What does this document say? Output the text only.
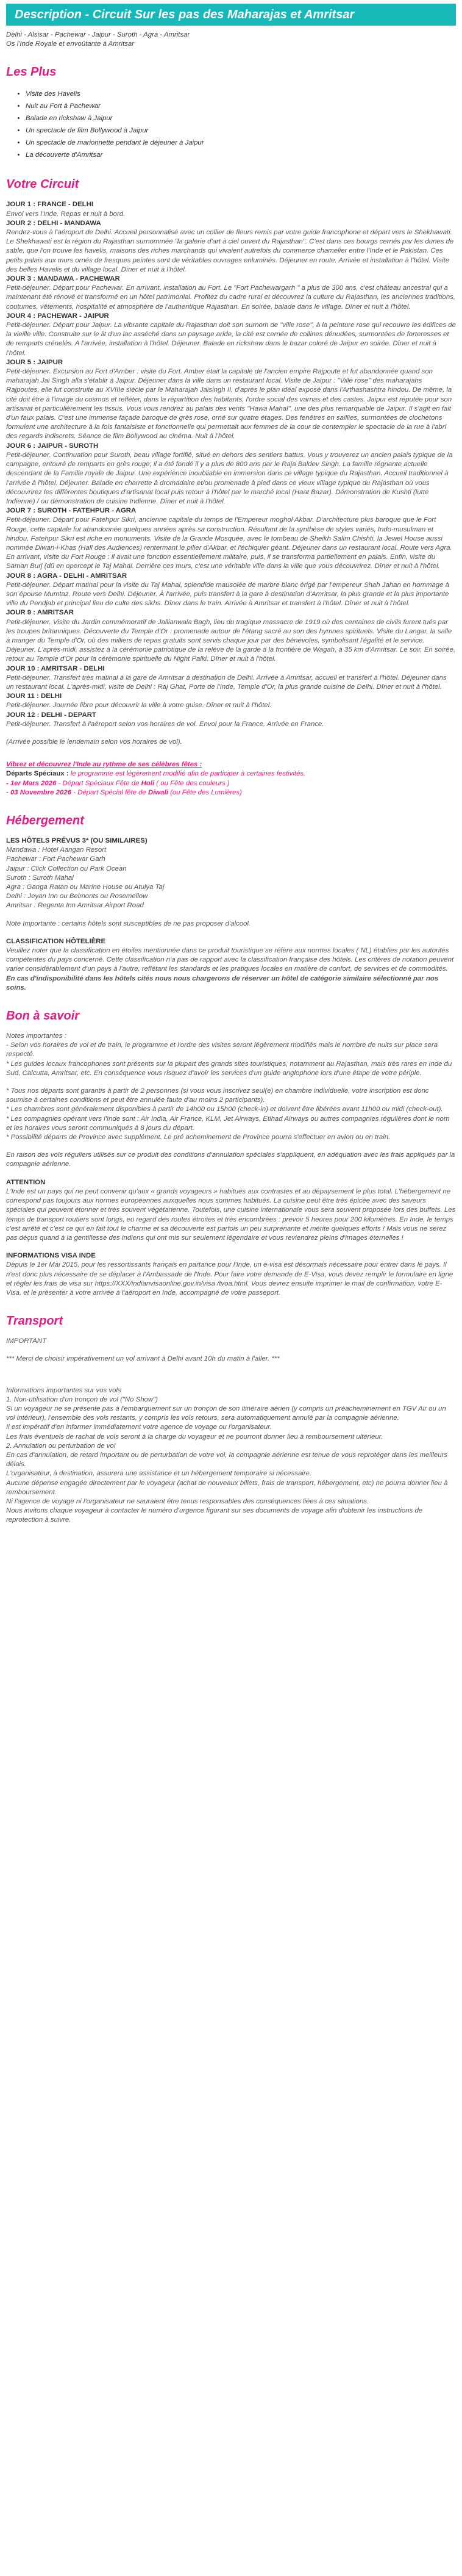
Description - Circuit Sur les pas des Maharajas et Amritsar
Delhi - Alsisar - Pachewar - Jaipur - Suroth - Agra - Amritsar
Os l'Inde Royale et envoûtante à Amritsar
Les Plus
• Visite des Havelis
• Nuit au Fort à Pachewar
• Balade en rickshaw à Jaipur
• Un spectacle de film Bollywood à Jaipur
• Un spectacle de marionnette pendant le déjeuner à Jaipur
• La découverte d'Amritsar
Votre Circuit
JOUR 1 : FRANCE - DELHI
Envol vers l'Inde. Repas et nuit à bord.
JOUR 2 : DELHI - MANDAWA
Rendez-vous à l'aéroport de Delhi. Accueil personnalisé avec un collier de fleurs remis par votre guide francophone et départ vers le Shekhawati. Le Shekhawati est la région du Rajasthan surnommée "la galerie d'art à ciel ouvert du Rajasthan". C'est dans ces bourgs cernés par les dunes de sable, que l'on trouve les havelis, maisons des riches marchands qui vivaient autrefois du commerce chamelier entre l'Inde et le Pakistan. Ces petits palais aux murs ornés de fresques peintes sont de véritables ouvrages enluminés. Déjeuner en route. Arrivée et installation à l'hôtel. Visite des belles Havelis et du village local. Dîner et nuit à l'hôtel.
JOUR 3 : MANDAWA - PACHEWAR
Petit-déjeuner. Départ pour Pachewar. En arrivant, installation au Fort. Le "Fort Pachewargarh " a plus de 300 ans, c'est château ancestral qui a maintenant été rénové et transformé en un hôtel patrimonial. Profitez du cadre rural et découvrez la culture du Rajasthan, les anciennes traditions, coutumes, vêtements, hospitalité et atmosphère de l'authentique Rajasthan. En soirée, balade dans le village. Dîner et nuit à l'hôtel.
JOUR 4 : PACHEWAR - JAIPUR
Petit-déjeuner. Départ pour Jaipur. La vibrante capitale du Rajasthan doit son surnom de "ville rose", à la peinture rose qui recouvre les édifices de la vieille ville. Construite sur le lit d'un lac asséché dans un paysage aride, la cité est cernée de collines dénudées, surmontées de forteresses et de remparts crénelés. A l'arrivée, installation à l'hôtel. Déjeuner. Balade en rickshaw dans le bazar coloré de Jaipur en soirée. Dîner et nuit à l'hôtel.
JOUR 5 : JAIPUR
Petit-déjeuner. Excursion au Fort d'Amber : visite du Fort. Amber était la capitale de l'ancien empire Rajpoute et fut abandonnée quand son maharajah Jai Singh alla s'établir à Jaipur. Déjeuner dans la ville dans un restaurant local. Visite de Jaipur : "Ville rose" des maharajahs Rajpoutes, elle fut construite au XVIIIe siècle par le Maharajah Jaisingh II, d'après le plan idéal exposé dans l'Arthashashtra hindou. De même, la cité doit être à l'image du cosmos et refléter, dans la répartition des habitants, l'ordre social des varnas et des castes. Jaipur est réputée pour son artisanat et particulièrement les tissus. Vous vous rendrez au palais des vents "Hawa Mahal", une des plus remarquable de Jaipur. Il s'agit en fait d'un faux palais. C'est une immense façade baroque de grès rose, orné sur quatre étages. Des fenêtres en saillies, surmontées de clochetons formulent une architecture à la fois fantaisiste et fonctionnelle qui permettait aux femmes de la cour de contempler le spectacle de la rue à l'abri des regards indiscrets. Séance de film Bollywood au cinéma. Nuit à l'hôtel.
JOUR 6 : JAIPUR - SUROTH
Petit-déjeuner. Continuation pour Suroth, beau village fortifié, situé en dehors des sentiers battus. Vous y trouverez un ancien palais typique de la campagne, entouré de remparts en grès rouge; il a été fondé il y a plus de 800 ans par le Raja Baldev Singh. La famille régnante actuelle descendant de la Famille royale de Jaipur. Une expérience inoubliable en immersion dans ce village typique du Rajasthan. Accueil traditionnel à l'arrivée à l'hôtel. Déjeuner. Balade en charrette à dromadaire et/ou promenade à pied dans ce vieux village typique du Rajasthan où vous découvrirez les différentes boutiques d'artisanat local puis retour à l'hôtel par le marché local (Haat Bazar). Démonstration de Kushti (lutte Indienne) / ou démonstration de cuisine Indienne. Dîner et nuit à l'hôtel.
JOUR 7 : SUROTH - FATEHPUR - AGRA
Petit-déjeuner. Départ pour Fatehpur Sikri, ancienne capitale du temps de l'Empereur moghol Akbar. D'architecture plus baroque que le Fort Rouge, cette capitale fut abandonnée quelques années après sa construction. Résultant de la synthèse de styles variés, Indo-musulman et hindou, Fatehpur Sikri est riche en monuments. Visite de la Grande Mosquée, avec le tombeau de Sheikh Salim Chishti, la Jewel House aussi nommée Diwan-i-Khas (Hall des Audiences) rentermant le pilier d'Akbar, et l'échiquier géant. Déjeuner dans un restaurant local. Route vers Agra. En arrivant, visite du Fort Rouge : il avait une fonction essentiellement militaire, puis, il se transforma partiellement en palais. Enfin, visite du Saman Burj (dû en opercept le Taj Mahal. Derrière ces murs, c'est une véritable ville dans la ville que vous découvrirez. Dîner et nuit à l'hôtel.
JOUR 8 : AGRA - DELHI - AMRITSAR
Petit-déjeuner. Départ matinal pour la visite du Taj Mahal, splendide mausolée de marbre blanc érigé par l'empereur Shah Jahan en hommage à son épouse Mumtaz. Route vers Delhi. Déjeuner. À l'arrivée, puis transfert à la gare à destination d'Amritsar, la plus grande et la plus importante ville du Pendjab et principal lieu de culte des sikhs. Dîner dans le train. Arrivée à Amritsar et transfert à l'hôtel. Dîner et nuit à l'hôtel.
JOUR 9 : AMRITSAR
Petit-déjeuner. Visite du Jardin commémoratif de Jallianwala Bagh, lieu du tragique massacre de 1919 où des centaines de civils furent tués par les troupes britanniques. Découverte du Temple d'Or : promenade autour de l'étang sacré au son des hymnes spirituels. Visite du Langar, la salle à manger du Temple d'Or, où des milliers de repas gratuits sont servis chaque jour par des bénévoles, symbolisant l'égalité et le service. Déjeuner. L'après-midi, assistez à la cérémonie patriotique de la relève de la garde à la frontière de Wagah, à 35 km d'Amritsar. Le soir, En soirée, retour au Temple d'Or pour la cérémonie spirituelle du Night Palki. Dîner et nuit à l'hôtel.
JOUR 10 : AMRITSAR - DELHI
Petit-déjeuner. Transfert très matinal à la gare de Amritsar à destination de Delhi. Arrivée à Amritsar, accueil et transfert à l'hôtel. Déjeuner dans un restaurant local. L'après-midi, visite de Delhi : Raj Ghat, Porte de l'Inde, Temple d'Or, la plus grande cuisine de Delhi. Dîner et nuit à l'hôtel.
JOUR 11 : DELHI
Petit-déjeuner. Journée libre pour découvrir la ville à votre guise. Dîner et nuit à l'hôtel.
JOUR 12 : DELHI - DEPART
Petit-déjeuner. Transfert à l'aéroport selon vos horaires de vol. Envol pour la France. Arrivée en France.
(Arrivée possible le lendemain selon vos horaires de vol).
Vibrez et découvrez l'Inde au rythme de ses célèbres fêtes :
Départs Spéciaux : le programme est légèrement modifié afin de participer à certaines festivités.
- 1er Mars 2026 - Départ Spéciaux Fête de Holi ( ou Fête des couleurs )
- 03 Novembre 2026 - Départ Spécial fête de Diwali (ou Fête des Lumières)
Hébergement
LES HÔTELS PRÉVUS 3* (OU SIMILAIRES)
Mandawa : Hotel Aangan Resort
Pachewar : Fort Pachewar Garh
Jaipur : Click Collection ou Park Ocean
Suroth : Suroth Mahal
Agra : Ganga Ratan ou Marine House ou Atulya Taj
Delhi : Jeyan Inn ou Belmonts ou Rosemellow
Amritsar : Regenta Inn Amritsar Airport Road
Note Importante : certains hôtels sont susceptibles de ne pas proposer d'alcool.
CLASSIFICATION HÔTELIÈRE
Veuillez noter que la classification en étoiles mentionnée dans ce produit touristique se réfère aux normes locales ( NL) établies par les autorités compétentes du pays concerné. Cette classification n'a pas de rapport avec la classification française des hôtels. Les critères de notation peuvent varier considérablement d'un pays à l'autre, reflétant les standards et les pratiques locales en matière de confort, de services et de commodités.
En cas d'indisponibilité dans les hôtels cités nous nous chargerons de réserver un hôtel de catégorie similaire sélectionné par nos soins.
Bon à savoir
Notes importantes :
- Selon vos horaires de vol et de train, le programme et l'ordre des visites seront légèrement modifiés mais le nombre de nuits sur place sera respecté.
* Les guides locaux francophones sont présents sur la plupart des grands sites touristiques, notamment au Rajasthan, mais très rares en Inde du Sud, Calcutta, Amritsar, etc. En conséquence vous risquez d'avoir les services d'un guide anglophone lors d'une étape de votre périple.
* Tous nos départs sont garantis à partir de 2 personnes (si vous vous inscrivez seul(e) en chambre individuelle, votre inscription est donc soumise à certaines conditions et peut être annulée faute d'au moins 2 participants).
* Les chambres sont généralement disponibles à partir de 14h00 ou 15h00 (check-in) et doivent être libérées avant 11h00 ou midi (check-out).
* Les compagnies opérant vers l'Inde sont : Air India, Air France, KLM, Jet Airways, Etihad Airways ou autres compagnies régulières dont le nom et les horaires vous seront communiqués à 8 jours du départ.
* Possibilité départs de Province avec supplément. Le pré acheminement de Province pourra s'effectuer en avion ou en train.
En raison des vols réguliers utilisés sur ce produit des conditions d'annulation spéciales s'appliquent, en adéquation avec les frais appliqués par la compagnie aérienne.
ATTENTION
L'Inde est un pays qui ne peut convenir qu'aux « grands voyageurs » habitués aux contrastes et au dépaysement le plus total. L'hébergement ne correspond pas toujours aux normes européennes auxquelles nous sommes habitués. La cuisine peut être très épicée avec des saveurs spéciales qui peuvent étonner et très souvent végétarienne. Toutefois, une cuisine internationale vous sera souvent proposée lors des buffets. Les temps de transport routiers sont longs, eu regard des routes étroites et très encombrées : prévoir 5 heures pour 200 kilomètres. En Inde, le temps c'est arrêté et c'est ce qui en fait tout le charme et sa découverte est parfois un peu surprenante et mérite quelques efforts ! Mais vous ne serez pas déçus quand à la gentillesse des indiens qui ont mis sur seulement légendaire et vous reviendrez pleins d'images éternelles !
INFORMATIONS VISA INDE
Depuis le 1er Mai 2015, pour les ressortissants français en partance pour l'Inde, un e-visa est désormais nécessaire pour entrer dans le pays. Il n'est donc plus nécessaire de se déplacer à l'Ambassade de l'Inde. Pour faire votre demande de E-Visa, vous devez remplir le formulaire en ligne et régler les frais de visa sur https://XXX/indianvisaonline.gov.in/visa /tvoa.html. Vous devrez ensuite imprimer le mail de confirmation, votre E-Visa, et le présenter à votre arrivée à l'aéroport en Inde, accompagné de votre passeport.
Transport
IMPORTANT
*** Merci de choisir impérativement un vol arrivant à Delhi avant 10h du matin à l'aller. ***
Informations importantes sur vos vols
1. Non-utilisation d'un tronçon de vol ("No Show")
Si un voyageur ne se présente pas à l'embarquement sur un tronçon de son itinéraire aérien (y compris un préacheminement en TGV Air ou un vol intérieur), l'ensemble des vols restants, y compris les vols retours, sera automatiquement annulé par la compagnie aérienne.
Il est impératif d'en informer immédiatement votre agence de voyage ou l'organisateur.
Les frais éventuels de rachat de vols seront à la charge du voyageur et ne pourront donner lieu à remboursement ultérieur.
2. Annulation ou perturbation de vol
En cas d'annulation, de retard important ou de perturbation de votre vol, la compagnie aérienne est tenue de vous reprotéger dans les meilleurs délais.
L'organisateur, à destination, assurera une assistance et un hébergement temporaire si nécessaire.
Aucune dépense engagée directement par le voyageur (achat de nouveaux billets, frais de transport, hébergement, etc) ne pourra donner lieu à remboursement.
Ni l'agence de voyage ni l'organisateur ne sauraient être tenus responsables des conséquences liées à ces situations.
Nous invitons chaque voyageur à contacter le numéro d'urgence figurant sur ses documents de voyage afin d'obtenir les instructions de reprotection à suivre.
